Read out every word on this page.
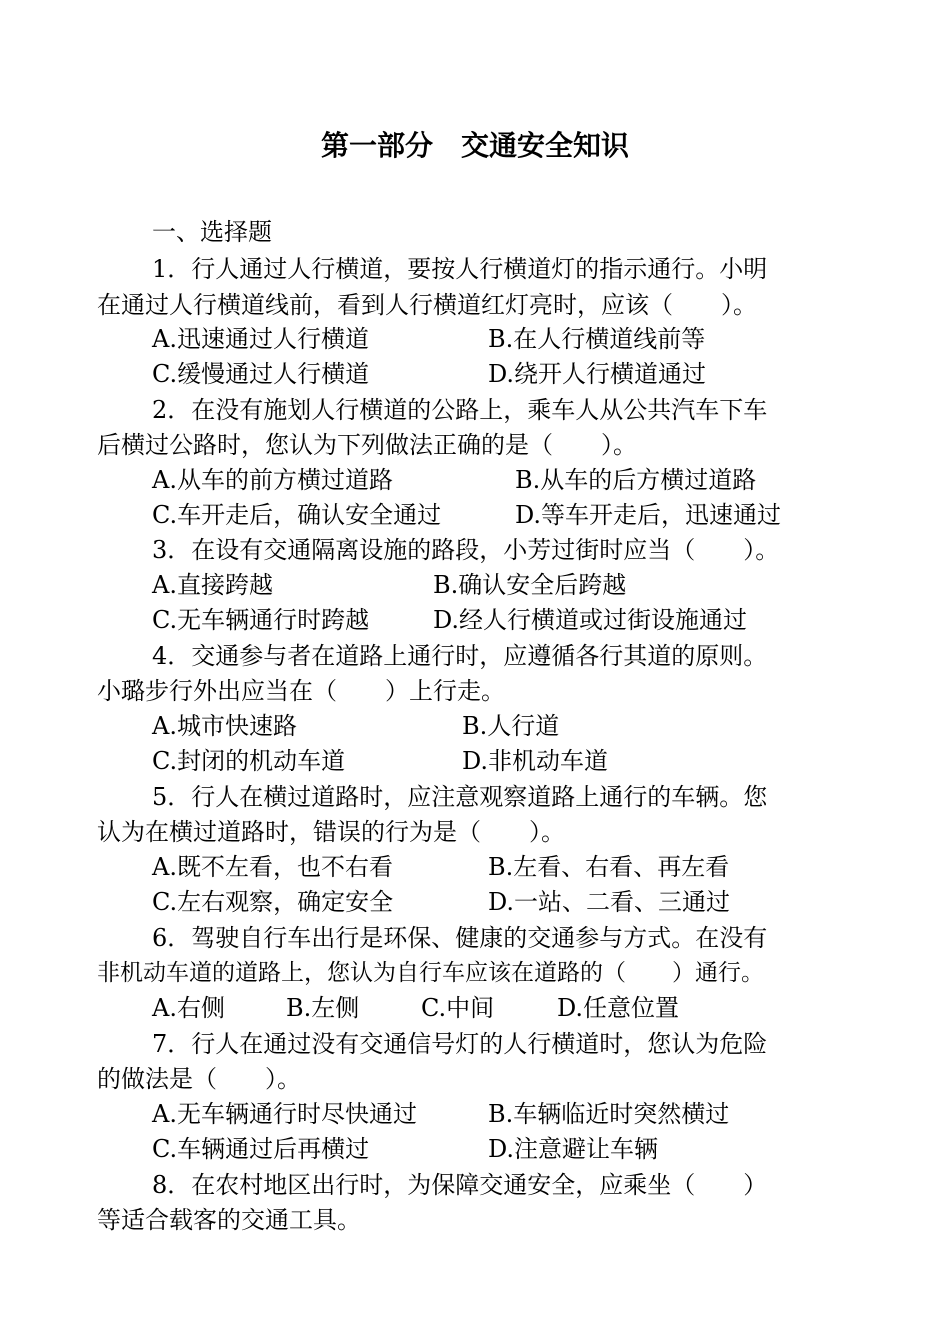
第一部分　交通安全知识
一、选择题
1．行人通过人行横道，要按人行横道灯的指示通行。小明
在通过人行横道线前，看到人行横道红灯亮时，应该（　　）。
A.迅速通过人行横道	B.在人行横道线前等
C.缓慢通过人行横道	D.绕开人行横道通过
2．在没有施划人行横道的公路上，乘车人从公共汽车下车
后横过公路时，您认为下列做法正确的是（　　）。
A.从车的前方横过道路	B.从车的后方横过道路
C.车开走后，确认安全通过	D.等车开走后，迅速通过
3．在设有交通隔离设施的路段，小芳过街时应当（　　）。
A.直接跨越	B.确认安全后跨越
C.无车辆通行时跨越	D.经人行横道或过街设施通过
4．交通参与者在道路上通行时，应遵循各行其道的原则。
小璐步行外出应当在（　　）上行走。
A.城市快速路	B.人行道
C.封闭的机动车道	D.非机动车道
5．行人在横过道路时，应注意观察道路上通行的车辆。您
认为在横过道路时，错误的行为是（　　）。
A.既不左看，也不右看	B.左看、右看、再左看
C.左右观察，确定安全	D.一站、二看、三通过
6．驾驶自行车出行是环保、健康的交通参与方式。在没有
非机动车道的道路上，您认为自行车应该在道路的（　　）通行。
A.右侧	B.左侧	C.中间	D.任意位置
7．行人在通过没有交通信号灯的人行横道时，您认为危险
的做法是（　　）。
A.无车辆通行时尽快通过	B.车辆临近时突然横过
C.车辆通过后再横过	D.注意避让车辆
8．在农村地区出行时，为保障交通安全，应乘坐（　　）
等适合载客的交通工具。
